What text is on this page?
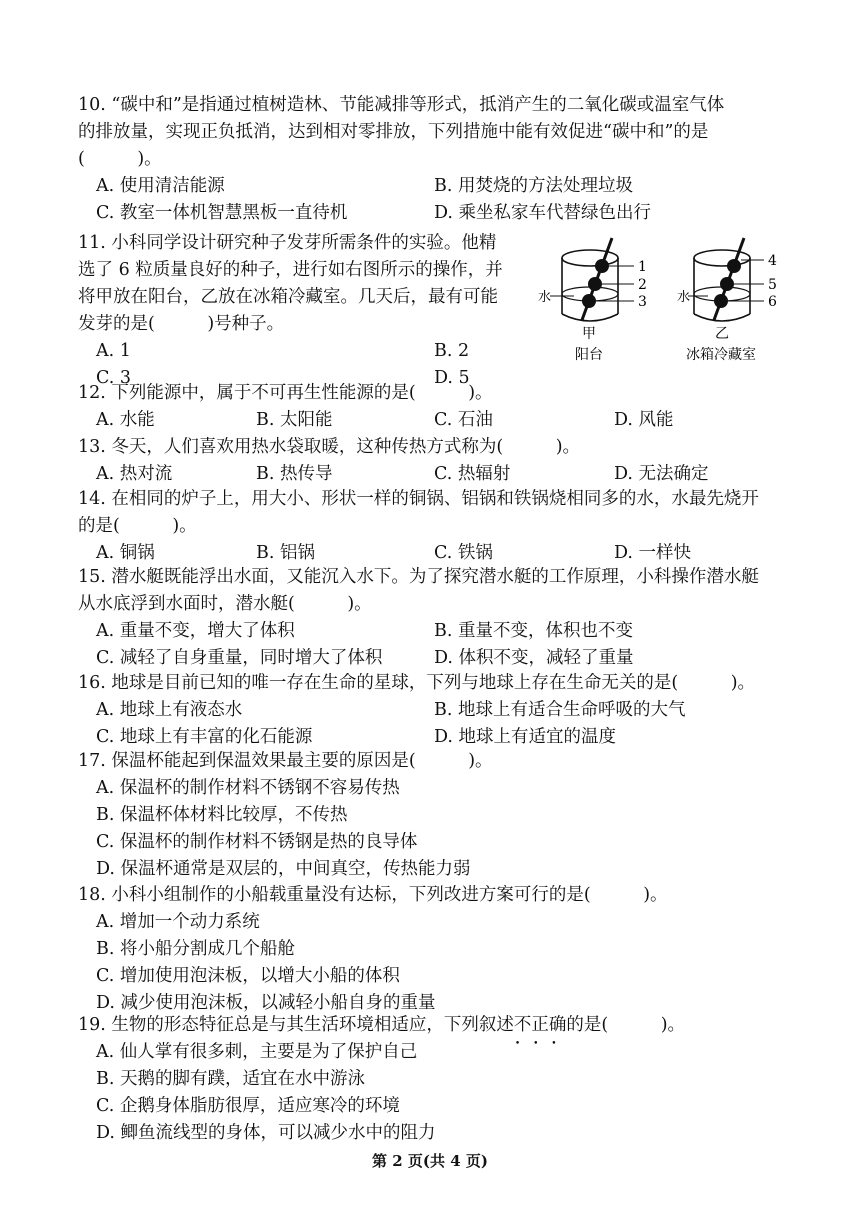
10. “碳中和”是指通过植树造林、节能减排等形式，抵消产生的二氧化碳或温室气体
的排放量，实现正负抵消，达到相对零排放，下列措施中能有效促进“碳中和”的是
(　　　)。
A. 使用清洁能源	B. 用焚烧的方法处理垃圾
C. 教室一体机智慧黑板一直待机	D. 乘坐私家车代替绿色出行
11. 小科同学设计研究种子发芽所需条件的实验。他精
选了 6 粒质量良好的种子，进行如右图所示的操作，并
将甲放在阳台，乙放在冰箱冷藏室。几天后，最有可能
发芽的是(　　　)号种子。
A. 1	B. 2
C. 3	D. 5
1
2
3
水
甲
阳台
4
5
6
水
乙
冰箱冷藏室
12. 下列能源中，属于不可再生性能源的是(　　　)。
A. 水能	B. 太阳能	C. 石油	D. 风能
13. 冬天，人们喜欢用热水袋取暖，这种传热方式称为(　　　)。
A. 热对流	B. 热传导	C. 热辐射	D. 无法确定
14. 在相同的炉子上，用大小、形状一样的铜锅、铝锅和铁锅烧相同多的水，水最先烧开
的是(　　　)。
A. 铜锅	B. 铝锅	C. 铁锅	D. 一样快
15. 潜水艇既能浮出水面，又能沉入水下。为了探究潜水艇的工作原理，小科操作潜水艇
从水底浮到水面时，潜水艇(　　　)。
A. 重量不变，增大了体积	B. 重量不变，体积也不变
C. 减轻了自身重量，同时增大了体积	D. 体积不变，减轻了重量
16. 地球是目前已知的唯一存在生命的星球，下列与地球上存在生命无关的是(　　　)。
A. 地球上有液态水	B. 地球上有适合生命呼吸的大气
C. 地球上有丰富的化石能源	D. 地球上有适宜的温度
17. 保温杯能起到保温效果最主要的原因是(　　　)。
A. 保温杯的制作材料不锈钢不容易传热
B. 保温杯体材料比较厚，不传热
C. 保温杯的制作材料不锈钢是热的良导体
D. 保温杯通常是双层的，中间真空，传热能力弱
18. 小科小组制作的小船载重量没有达标，下列改进方案可行的是(　　　)。
A. 增加一个动力系统
B. 将小船分割成几个船舱
C. 增加使用泡沫板，以增大小船的体积
D. 减少使用泡沫板，以减轻小船自身的重量
19. 生物的形态特征总是与其生活环境相适应，下列叙述不正确 • • •的是(　　　)。
A. 仙人掌有很多刺，主要是为了保护自己
B. 天鹅的脚有蹼，适宜在水中游泳
C. 企鹅身体脂肪很厚，适应寒冷的环境
D. 鲫鱼流线型的身体，可以减少水中的阻力
第 2 页(共 4 页)
